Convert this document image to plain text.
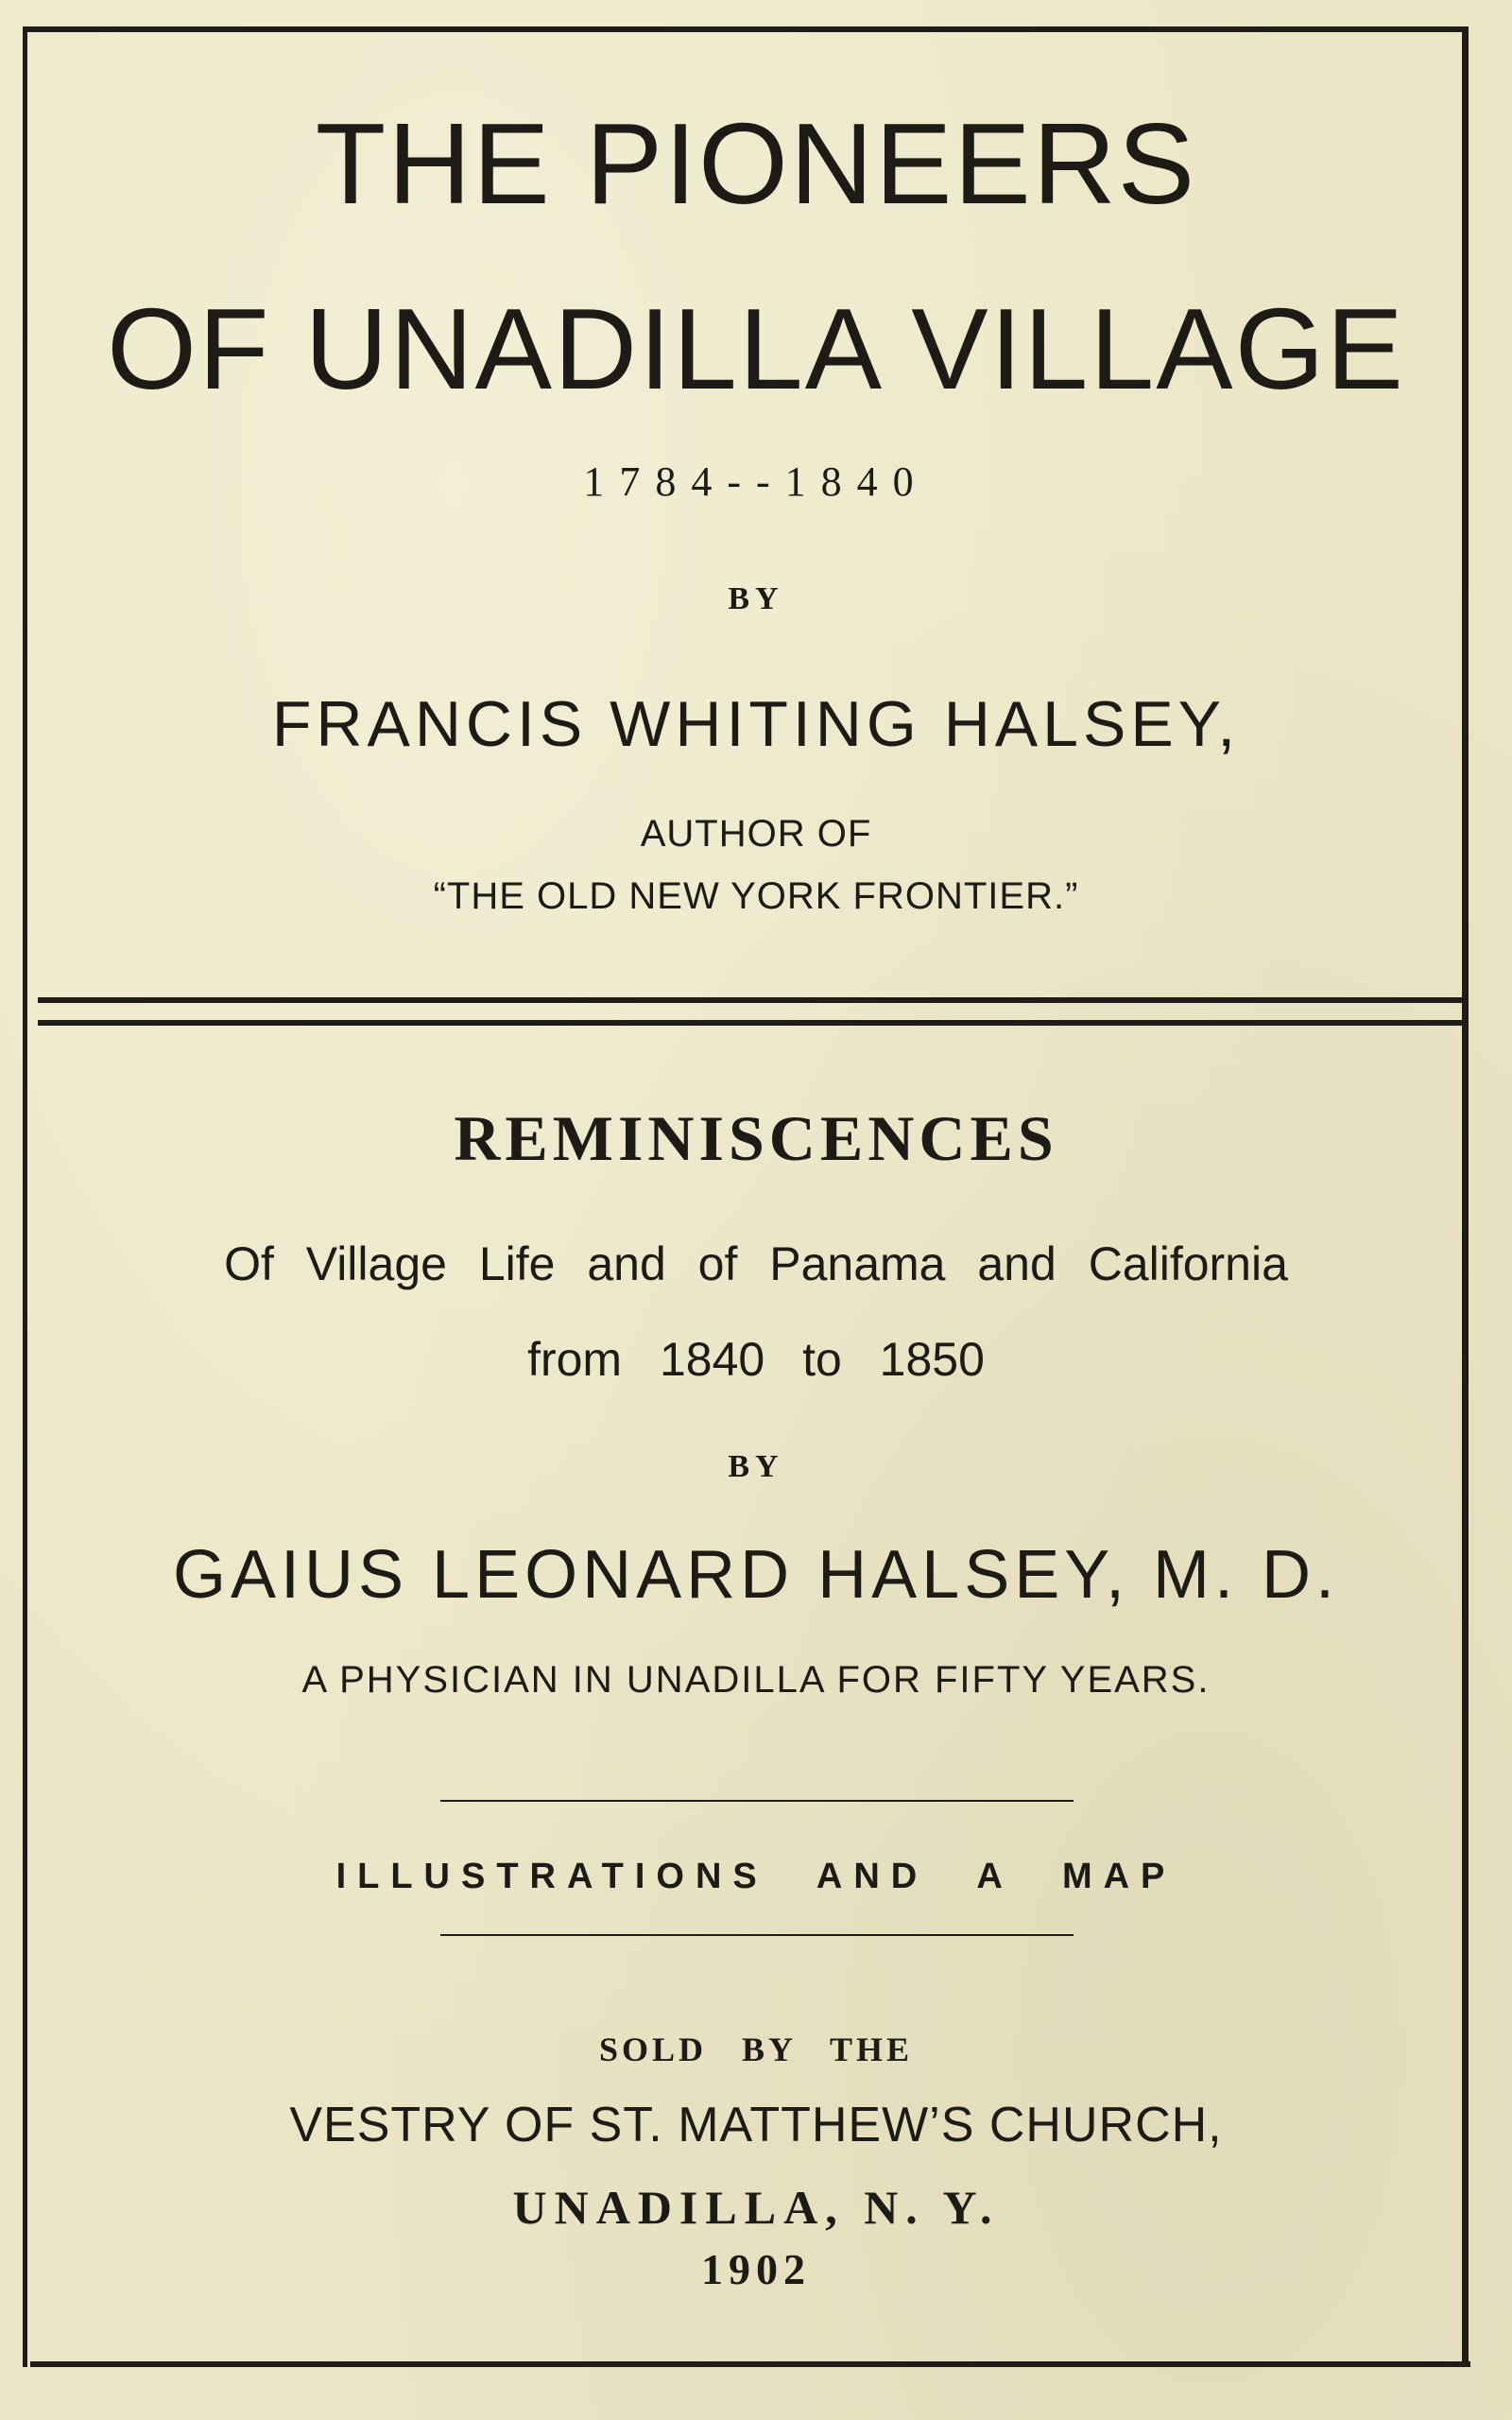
THE PIONEERS
OF UNADILLA VILLAGE
1784--1840
BY
FRANCIS WHITING HALSEY,
AUTHOR OF
“THE OLD NEW YORK FRONTIER.”
REMINISCENCES
Of Village Life and of Panama and California
from 1840 to 1850
BY
GAIUS LEONARD HALSEY, M. D.
A PHYSICIAN IN UNADILLA FOR FIFTY YEARS.
ILLUSTRATIONS AND A MAP
SOLD BY THE
VESTRY OF ST. MATTHEW’S CHURCH,
UNADILLA, N. Y.
1902
